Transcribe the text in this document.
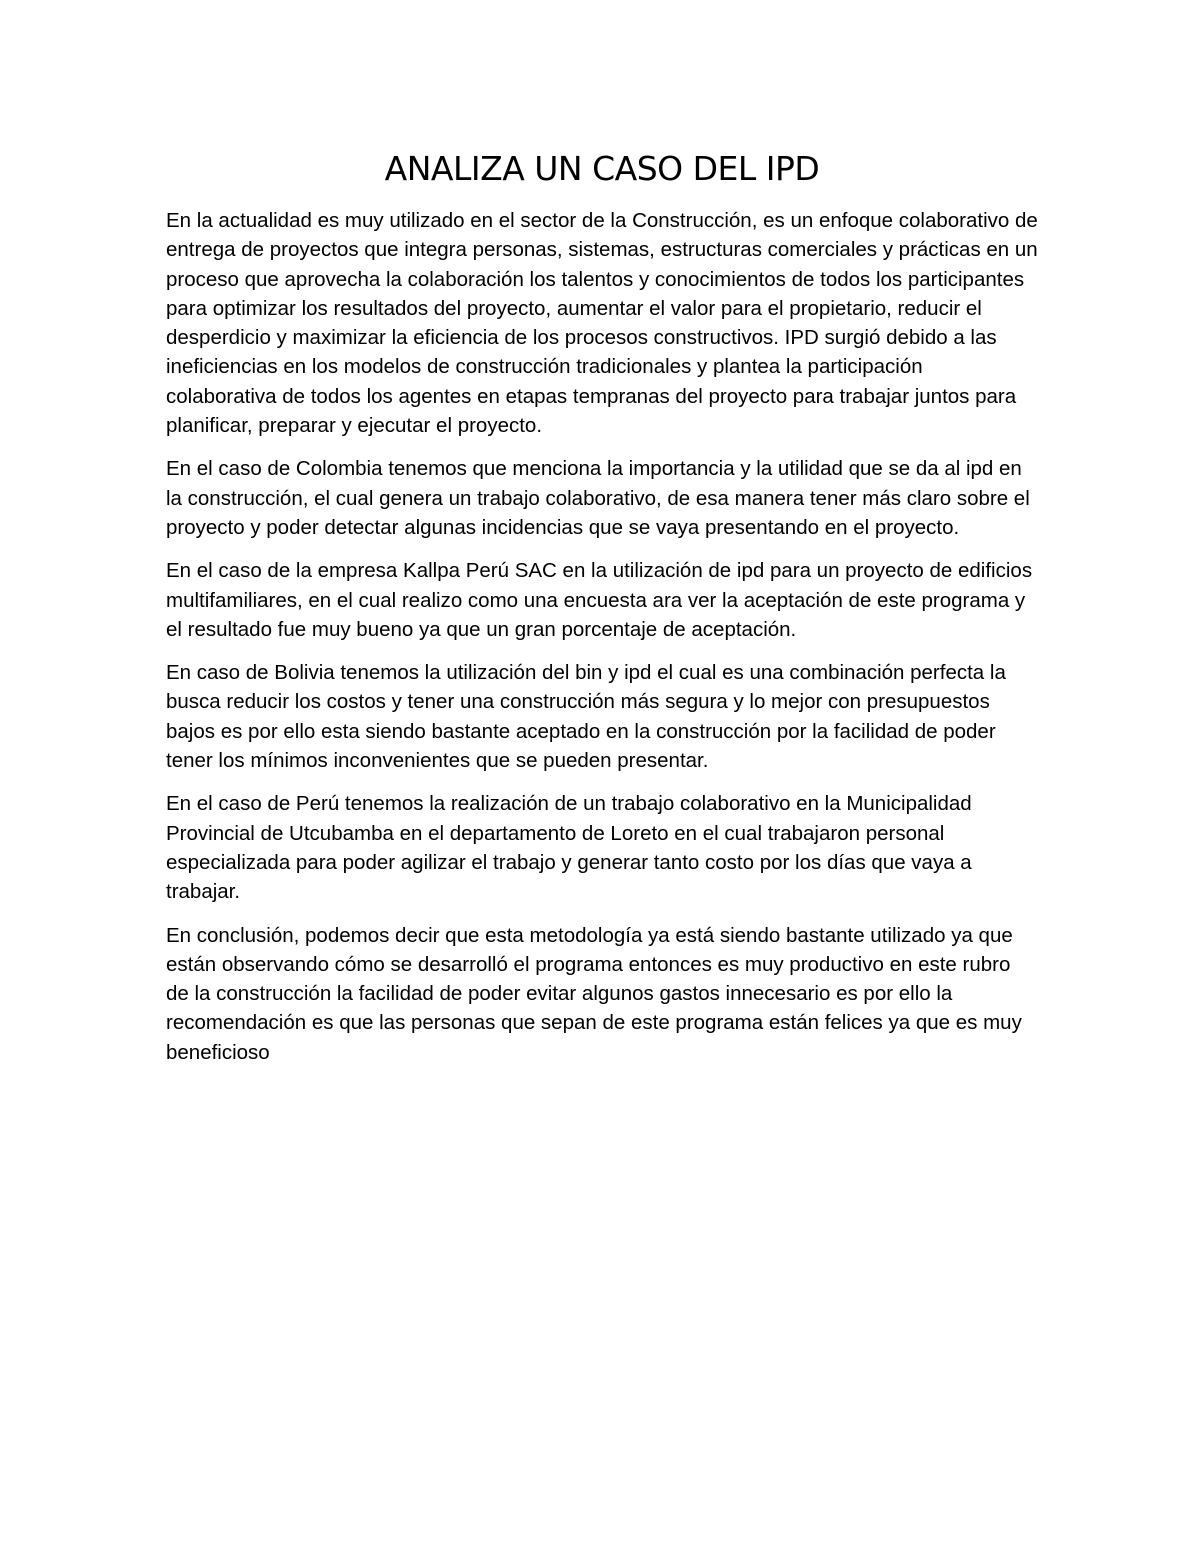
ANALIZA UN CASO DEL IPD

En la actualidad es muy utilizado en el sector de la Construcción, es un enfoque colaborativo de entrega de proyectos que integra personas, sistemas, estructuras comerciales y prácticas en un proceso que aprovecha la colaboración los talentos y conocimientos de todos los participantes para optimizar los resultados del proyecto, aumentar el valor para el propietario, reducir el desperdicio y maximizar la eficiencia de los procesos constructivos. IPD surgió debido a las ineficiencias en los modelos de construcción tradicionales y plantea la participación colaborativa de todos los agentes en etapas tempranas del proyecto para trabajar juntos para planificar, preparar y ejecutar el proyecto.

En el caso de Colombia tenemos que menciona la importancia y la utilidad que se da al ipd en la construcción, el cual genera un trabajo colaborativo, de esa manera tener más claro sobre el proyecto y poder detectar algunas incidencias que se vaya presentando en el proyecto.

En el caso de la empresa Kallpa Perú SAC en la utilización de ipd para un proyecto de edificios multifamiliares, en el cual realizo como una encuesta ara ver la aceptación de este programa y el resultado fue muy bueno ya que un gran porcentaje de aceptación.

En caso de Bolivia tenemos la utilización del bin y ipd el cual es una combinación perfecta la busca reducir los costos y tener una construcción más segura y lo mejor con presupuestos bajos es por ello esta siendo bastante aceptado en la construcción por la facilidad de poder tener los mínimos inconvenientes que se pueden presentar.

En el caso de Perú tenemos la realización de un trabajo colaborativo en la Municipalidad Provincial de Utcubamba en el departamento de Loreto en el cual trabajaron personal especializada para poder agilizar el trabajo y generar tanto costo por los días que vaya a trabajar.

En conclusión, podemos decir que esta metodología ya está siendo bastante utilizado ya que están observando cómo se desarrolló el programa entonces es muy productivo en este rubro de la construcción la facilidad de poder evitar algunos gastos innecesario es por ello la recomendación es que las personas que sepan de este programa están felices ya que es muy beneficioso
